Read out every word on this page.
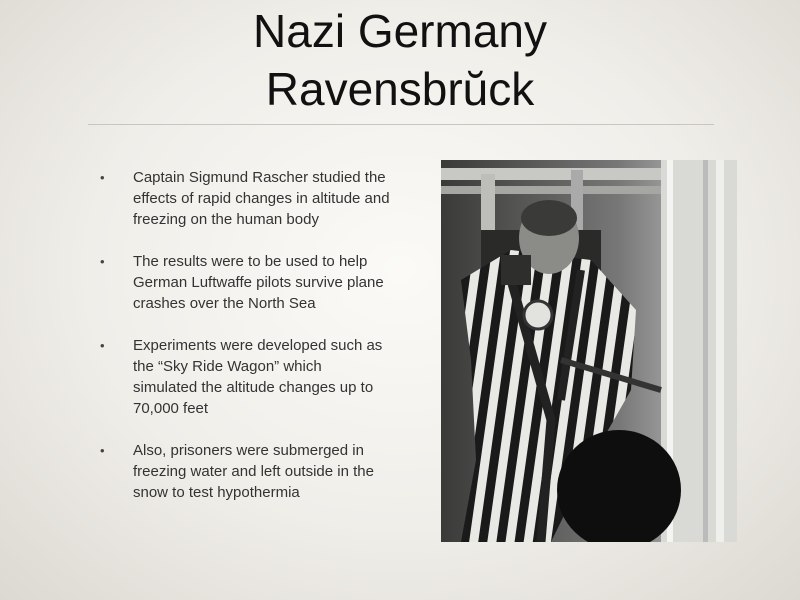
Nazi Germany
Ravensbrŭck
• Captain Sigmund Rascher studied the effects of rapid changes in altitude and freezing on the human body
• The results were to be used to help German Luftwaffe pilots survive plane crashes over the North Sea
• Experiments were developed such as the “Sky Ride Wagon” which simulated the altitude changes up to 70,000 feet
• Also, prisoners were submerged in freezing water and left outside in the snow to test hypothermia
